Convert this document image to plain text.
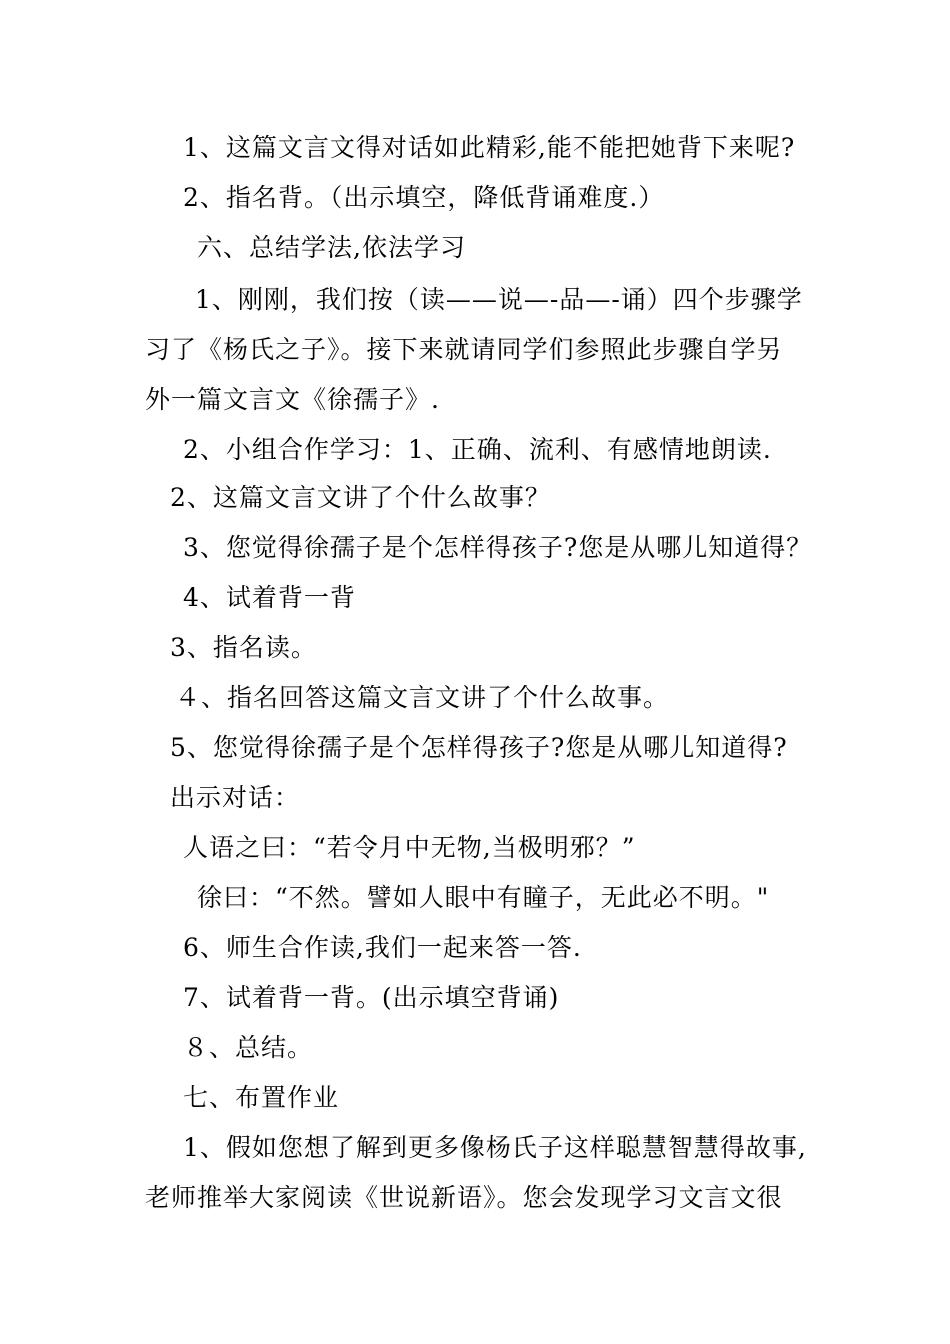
1、这篇文言文得对话如此精彩,能不能把她背下来呢?
2、指名背。（出示填空，降低背诵难度.）
六、总结学法,依法学习
1、刚刚，我们按（读——说—-品—-诵）四个步骤学
习了《杨氏之子》。接下来就请同学们参照此步骤自学另
外一篇文言文《徐孺子》.
2、小组合作学习：1、正确、流利、有感情地朗读.
2、这篇文言文讲了个什么故事？
3、您觉得徐孺子是个怎样得孩子?您是从哪儿知道得？
4、试着背一背
3、指名读。
４、指名回答这篇文言文讲了个什么故事。
5、您觉得徐孺子是个怎样得孩子?您是从哪儿知道得?
出示对话：
人语之曰：“若令月中无物,当极明邪？”
徐曰：“不然。譬如人眼中有瞳子，无此必不明。"
6、师生合作读,我们一起来答一答.
7、试着背一背。(出示填空背诵)
８、总结。
七、布置作业
1、假如您想了解到更多像杨氏子这样聪慧智慧得故事,
老师推举大家阅读《世说新语》。您会发现学习文言文很
